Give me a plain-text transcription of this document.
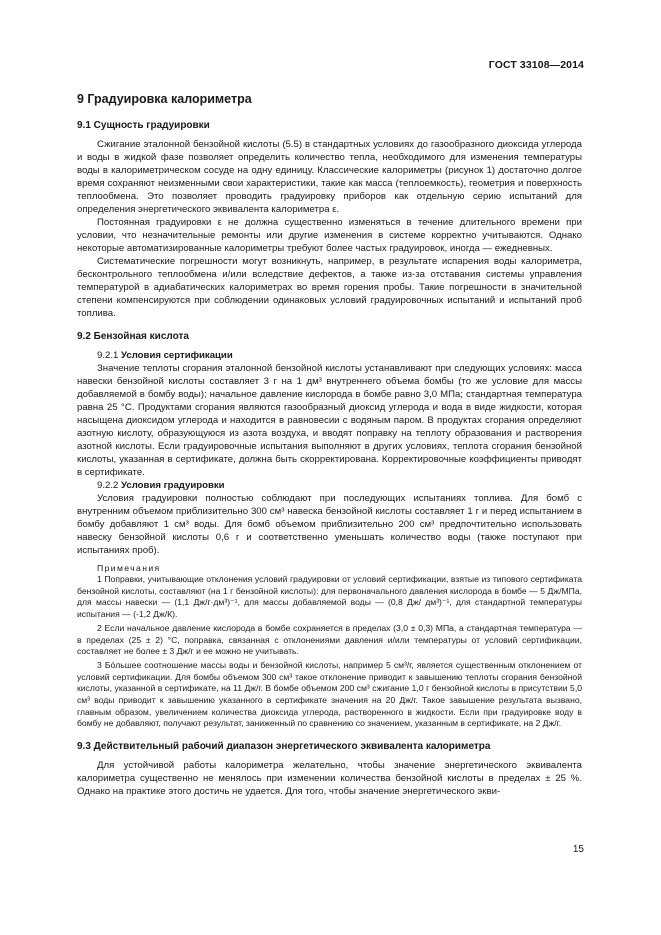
ГОСТ 33108—2014
9 Градуировка калориметра
9.1 Сущность градуировки

Сжигание эталонной бензойной кислоты (5.5) в стандартных условиях до газообразного диоксида углерода и воды в жидкой фазе позволяет определить количество тепла, необходимого для изменения температуры воды в калориметрическом сосуде на одну единицу. Классические калориметры (рисунок 1) достаточно долгое время сохраняют неизменными свои характеристики, такие как масса (теплоемкость), геометрия и поверхность теплообмена. Это позволяет проводить градуировку приборов как отдельную серию испытаний для определения энергетического эквивалента калориметра ε.

Постоянная градуировки ε не должна существенно изменяться в течение длительного времени при условии, что незначительные ремонты или другие изменения в системе корректно учитываются. Однако некоторые автоматизированные калориметры требуют более частых градуировок, иногда — ежедневных.

Систематические погрешности могут возникнуть, например, в результате испарения воды калориметра, бесконтрольного теплообмена и/или вследствие дефектов, а также из-за отставания системы управления температурой в адиабатических калориметрах во время горения пробы. Такие погрешности в значительной степени компенсируются при соблюдении одинаковых условий градуировочных испытаний и испытаний проб топлива.

9.2 Бензойная кислота

9.2.1 Условия сертификации

Значение теплоты сгорания эталонной бензойной кислоты устанавливают при следующих условиях: масса навески бензойной кислоты составляет 3 г на 1 дм³ внутреннего объема бомбы (то же условие для массы добавляемой в бомбу воды); начальное давление кислорода в бомбе равно 3,0 МПа; стандартная температура равна 25 °С. Продуктами сгорания являются газообразный диоксид углерода и вода в виде жидкости, которая насыщена диоксидом углерода и находится в равновесии с водяным паром. В продуктах сгорания определяют азотную кислоту, образующуюся из азота воздуха, и вводят поправку на теплоту образования и растворения азотной кислоты. Если градуировочные испытания выполняют в других условиях, теплота сгорания бензойной кислоты, указанная в сертификате, должна быть скорректирована. Корректировочные коэффициенты приводят в сертификате.

9.2.2 Условия градуировки

Условия градуировки полностью соблюдают при последующих испытаниях топлива. Для бомб с внутренним объемом приблизительно 300 см³ навеска бензойной кислоты составляет 1 г и перед испытанием в бомбу добавляют 1 см³ воды. Для бомб объемом приблизительно 200 см³ предпочтительно использовать навеску бензойной кислоты 0,6 г и соответственно уменьшать количество воды (также поступают при испытаниях проб).

Примечания

1 Поправки, учитывающие отклонения условий градуировки от условий сертификации, взятые из типового сертификата бензойной кислоты, составляют (на 1 г бензойной кислоты): для первоначального давления кислорода в бомбе — 5 Дж/МПа, для массы навески — (1,1 Дж/г·дм³)⁻¹, для массы добавляемой воды — (0,8 Дж/ дм³)⁻¹, для стандартной температуры испытания — (-1,2 Дж/К).

2 Если начальное давление кислорода в бомбе сохраняется в пределах (3,0 ± 0,3) МПа, а стандартная температура — в пределах (25 ± 2) °С, поправка, связанная с отклонениями давления и/или температуры от условий сертификации, составляет не более ± 3 Дж/г и ее можно не учитывать.

3 Бо́льшее соотношение массы воды и бензойной кислоты, например 5 см³/г, является существенным отклонением от условий сертификации. Для бомбы объемом 300 см³ такое отклонение приводит к завышению теплоты сгорания бензойной кислоты, указанной в сертификате, на 11 Дж/г. В бомбе объемом 200 см³ сжигание 1,0 г бензойной кислоты в присутствии 5,0 см³ воды приводит к завышению указанного в сертификате значения на 20 Дж/г. Такое завышение результата вызвано, главным образом, увеличением количества диоксида углерода, растворенного в жидкости. Если при градуировке воду в бомбу не добавляют, получают результат, заниженный по сравнению со значением, указанным в сертификате, на 2 Дж/г.

9.3 Действительный рабочий диапазон энергетического эквивалента калориметра

Для устойчивой работы калориметра желательно, чтобы значение энергетического эквивалента калориметра существенно не менялось при изменении количества бензойной кислоты в пределах ± 25 %. Однако на практике этого достичь не удается. Для того, чтобы значение энергетического экви-

15
